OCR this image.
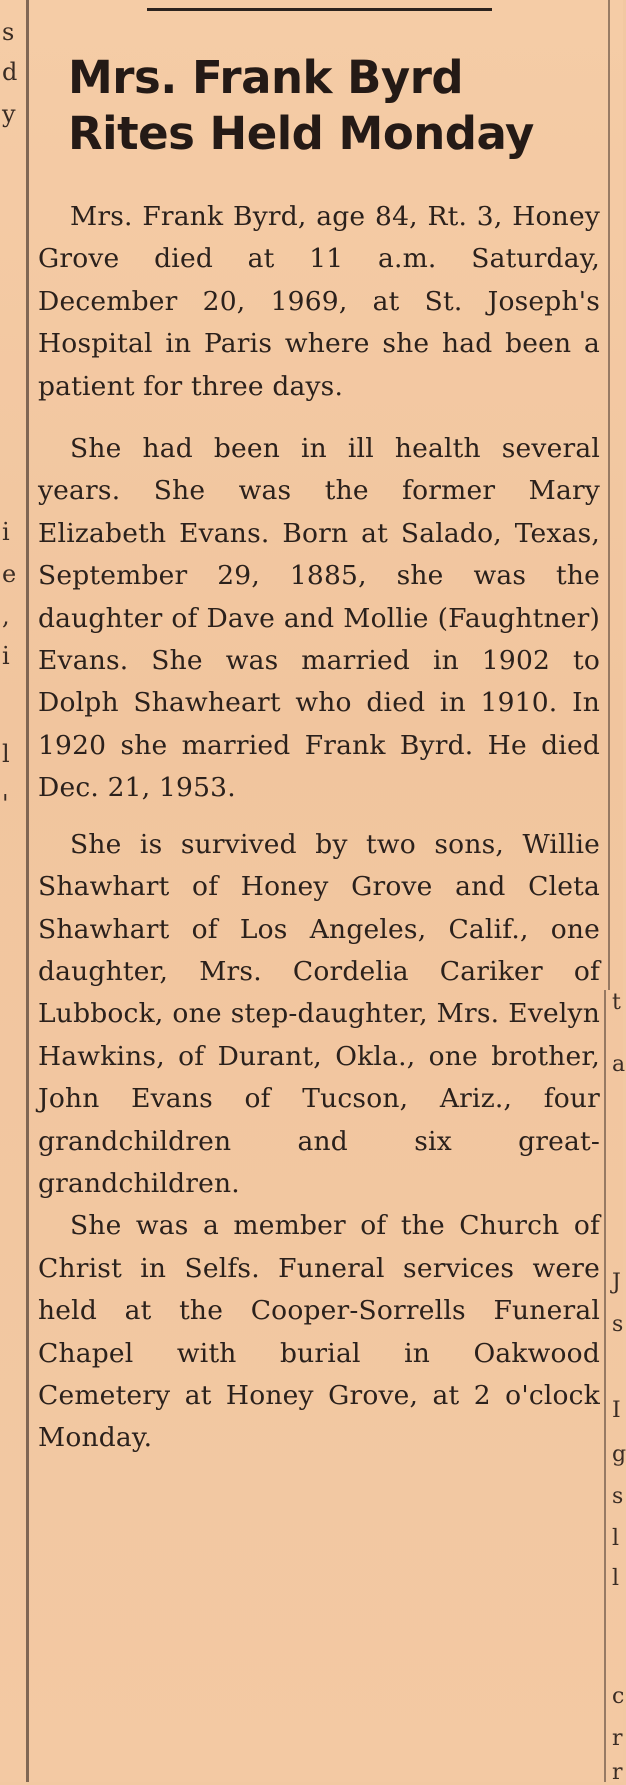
s
d
y
i
e
,
i
l
'
t
a
J
s
I
g
s
l
l
c
r
r
Mrs. Frank Byrd
Rites Held Monday

Mrs. Frank Byrd, age 84, Rt. 3, Honey Grove died at 11 a.m. Saturday, December 20, 1969, at St. Joseph's Hospital in Paris where she had been a patient for three days.

She had been in ill health several years. She was the former Mary Elizabeth Evans. Born at Salado, Texas, September 29, 1885, she was the daughter of Dave and Mollie (Faughtner) Evans. She was married in 1902 to Dolph Shawheart who died in 1910. In 1920 she married Frank Byrd. He died Dec. 21, 1953.

She is survived by two sons, Willie Shawhart of Honey Grove and Cleta Shawhart of Los Angeles, Calif., one daughter, Mrs. Cordelia Cariker of Lubbock, one step-daughter, Mrs. Evelyn Hawkins, of Durant, Okla., one brother, John Evans of Tucson, Ariz., four grandchildren and six great-grandchildren.

She was a member of the Church of Christ in Selfs. Funeral services were held at the Cooper-Sorrells Funeral Chapel with burial in Oakwood Cemetery at Honey Grove, at 2 o'clock Monday.
